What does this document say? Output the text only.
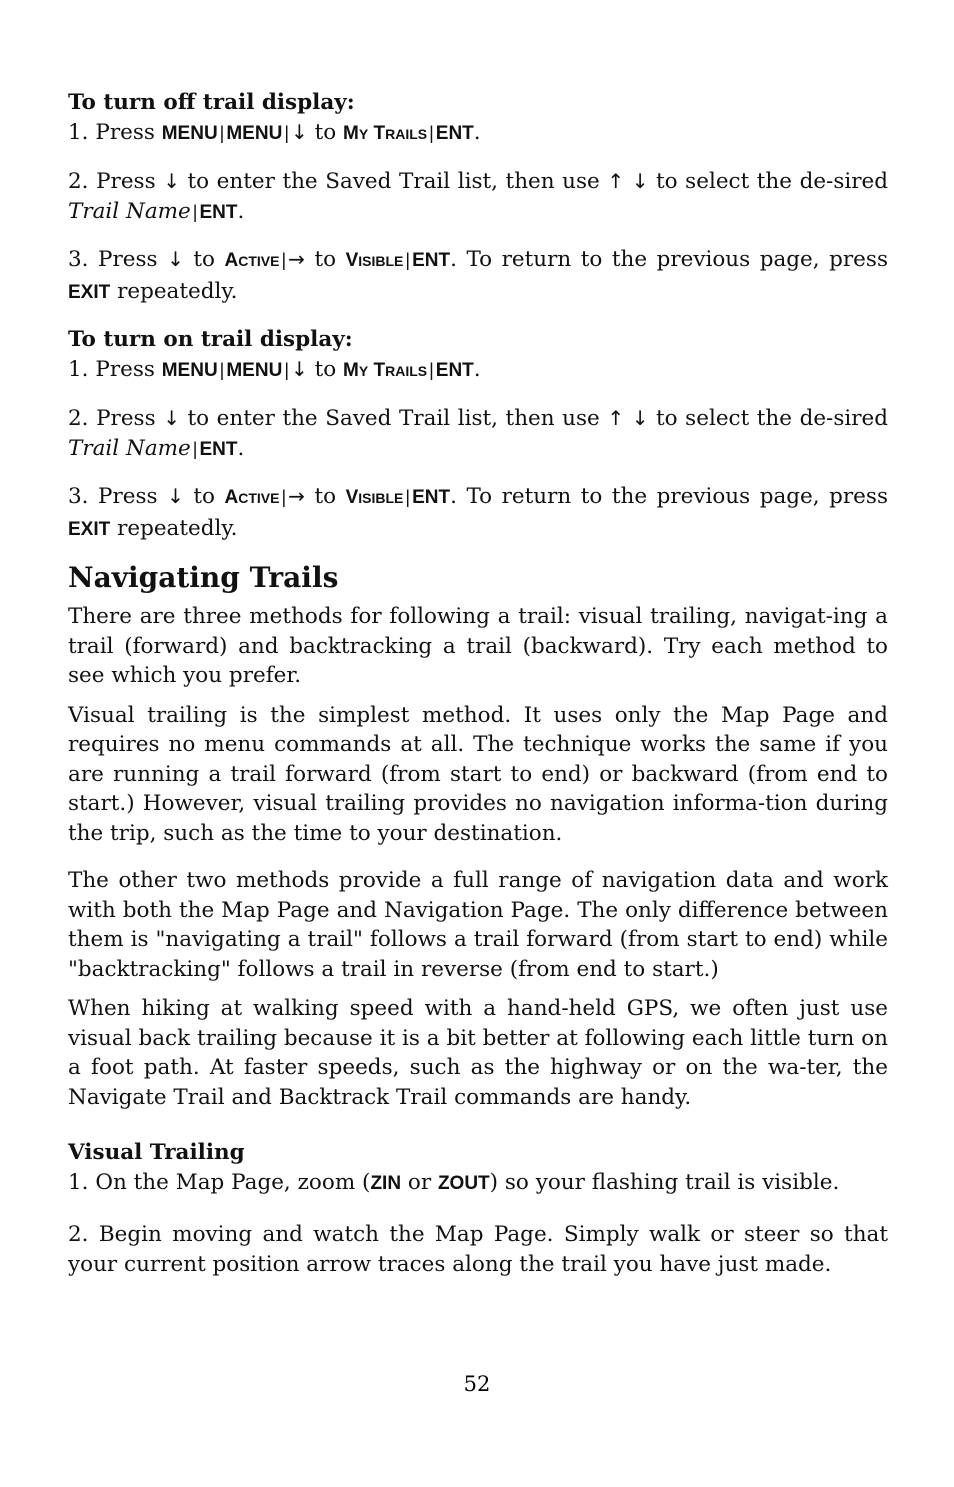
To turn off trail display:

1. Press MENU | MENU | ↓ to MY TRAILS | ENT.

2. Press ↓ to enter the Saved Trail list, then use ↑ ↓ to select the de-sired Trail Name | ENT.

3. Press ↓ to ACTIVE | → to VISIBLE | ENT. To return to the previous page, press EXIT repeatedly.

To turn on trail display:

1. Press MENU | MENU | ↓ to MY TRAILS | ENT.

2. Press ↓ to enter the Saved Trail list, then use ↑ ↓ to select the de-sired Trail Name | ENT.

3. Press ↓ to ACTIVE | → to VISIBLE | ENT. To return to the previous page, press EXIT repeatedly.

Navigating Trails

There are three methods for following a trail: visual trailing, navigat-ing a trail (forward) and backtracking a trail (backward). Try each method to see which you prefer.

Visual trailing is the simplest method. It uses only the Map Page and requires no menu commands at all. The technique works the same if you are running a trail forward (from start to end) or backward (from end to start.) However, visual trailing provides no navigation informa-tion during the trip, such as the time to your destination.

The other two methods provide a full range of navigation data and work with both the Map Page and Navigation Page. The only difference between them is "navigating a trail" follows a trail forward (from start to end) while "backtracking" follows a trail in reverse (from end to start.)

When hiking at walking speed with a hand-held GPS, we often just use visual back trailing because it is a bit better at following each little turn on a foot path. At faster speeds, such as the highway or on the wa-ter, the Navigate Trail and Backtrack Trail commands are handy.

Visual Trailing

1. On the Map Page, zoom (ZIN or ZOUT) so your flashing trail is visible.

2. Begin moving and watch the Map Page. Simply walk or steer so that your current position arrow traces along the trail you have just made.

52
